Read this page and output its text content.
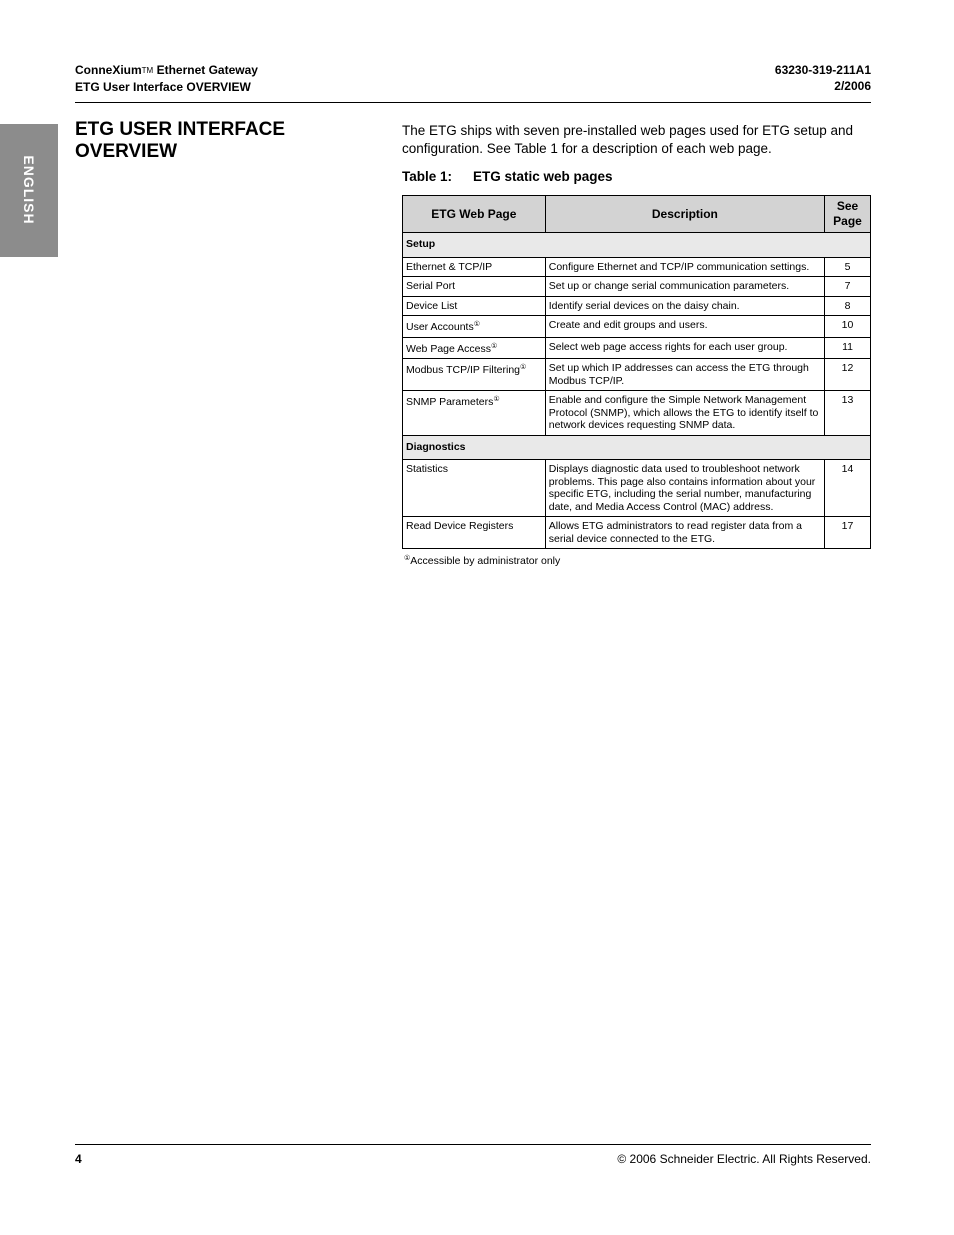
ConneXiumTM Ethernet Gateway
ETG User Interface OVERVIEW
63230-319-211A1
2/2006
ENGLISH
ETG USER INTERFACE OVERVIEW

The ETG ships with seven pre-installed web pages used for ETG setup and configuration. See Table 1 for a description of each web page.

Table 1: ETG static web pages

ETG Web Page	Description	See Page
Setup		
Ethernet & TCP/IP	Configure Ethernet and TCP/IP communication settings.	5
Serial Port	Set up or change serial communication parameters.	7
Device List	Identify serial devices on the daisy chain.	8
User Accounts①	Create and edit groups and users.	10
Web Page Access①	Select web page access rights for each user group.	11
Modbus TCP/IP Filtering①	Set up which IP addresses can access the ETG through Modbus TCP/IP.	12
SNMP Parameters①	Enable and configure the Simple Network Management Protocol (SNMP), which allows the ETG to identify itself to network devices requesting SNMP data.	13
Diagnostics		
Statistics	Displays diagnostic data used to troubleshoot network problems. This page also contains information about your specific ETG, including the serial number, manufacturing date, and Media Access Control (MAC) address.	14
Read Device Registers	Allows ETG administrators to read register data from a serial device connected to the ETG.	17
①Accessible by administrator only
4	© 2006 Schneider Electric. All Rights Reserved.
